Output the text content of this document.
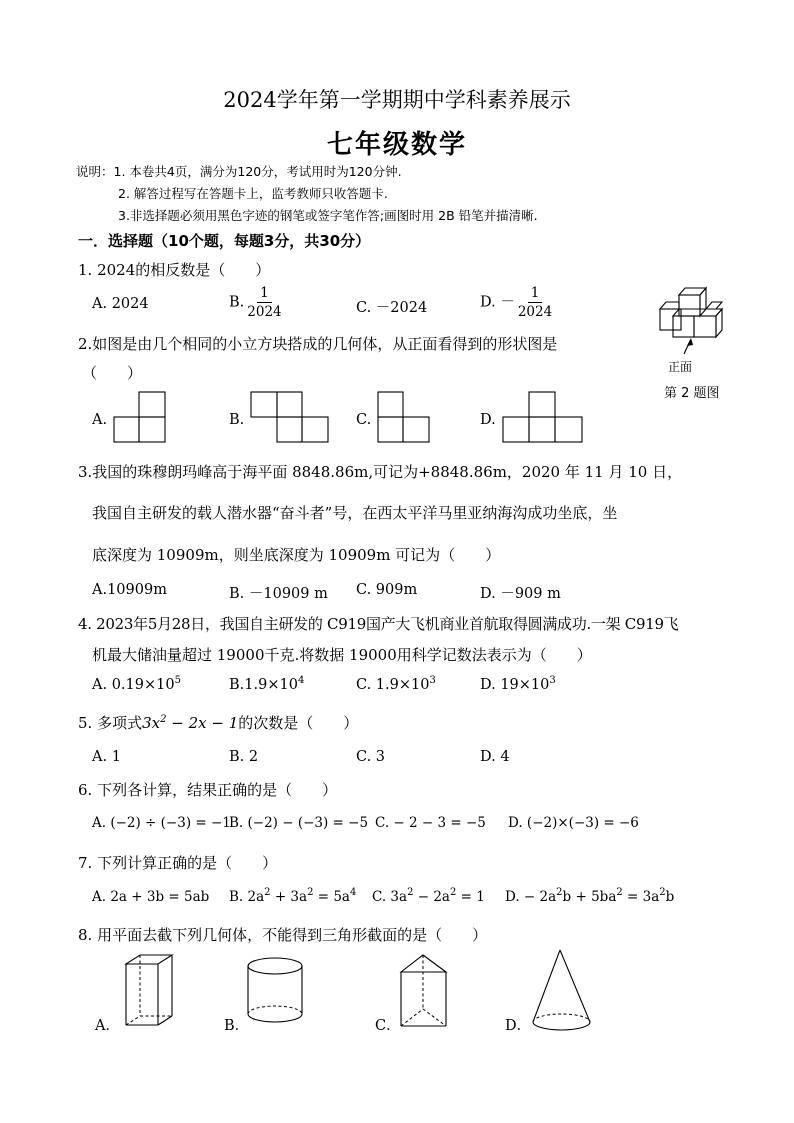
2024学年第一学期期中学科素养展示
七年级数学
说明：1. 本卷共4页，满分为120分，考试用时为120分钟.
2. 解答过程写在答题卡上，监考教师只收答题卡.
3.非选择题必须用黑色字迹的钢笔或签字笔作答;画图时用 2B 铅笔并描清晰.
一．选择题（10个题，每题3分，共30分）
1. 2024的相反数是（　　）
A. 2024	B. $\frac{1}{2024}$	C. －2024	D. － $\frac{1}{2024}$
正面
第 2 题图
2.如图是由几个相同的小立方块搭成的几何体，从正面看得到的形状图是
（　　）
A.	B.	C.	D.
3.我国的珠穆朗玛峰高于海平面 8848.86m,可记为+8848.86m，2020 年 11 月 10 日，
我国自主研发的载人潜水器“奋斗者”号，在西太平洋马里亚纳海沟成功坐底，坐
底深度为 10909m，则坐底深度为 10909m 可记为（　　）
A.10909m	B. －10909 m C. 909m	D. －909 m
4. 2023年5月28日，我国自主研发的 C919国产大飞机商业首航取得圆满成功.一架 C919飞
机最大储油量超过 19000千克.将数据 19000用科学记数法表示为（　　）
A. $0.19\times 10^5$	$B.1.9\times 10^4$	C. $1.9\times 10^3$	D. $19\times 10^3$
5. 多项式$3x^2 - 2x - 1$的次数是（　　）
A. 1	B. 2	C. 3	D. 4
6. 下列各计算，结果正确的是（　　）
A. (−2) ÷ (−3) = −1
B. (−2) − (−3) = −5 C. − 2 − 3 = −5 D. (−2)×(−3) = −6
7. 下列计算正确的是（　　）
A. 2a + 3b = 5ab B. $2a^2 + 3a^2 = 5a^4$ C. $3a^2 - 2a^2 = 1$ D. − $2a^2b + 5ba^2 = 3a^2b$
8. 用平面去截下列几何体，不能得到三角形截面的是（　　）
A．	B．	C．	D．
